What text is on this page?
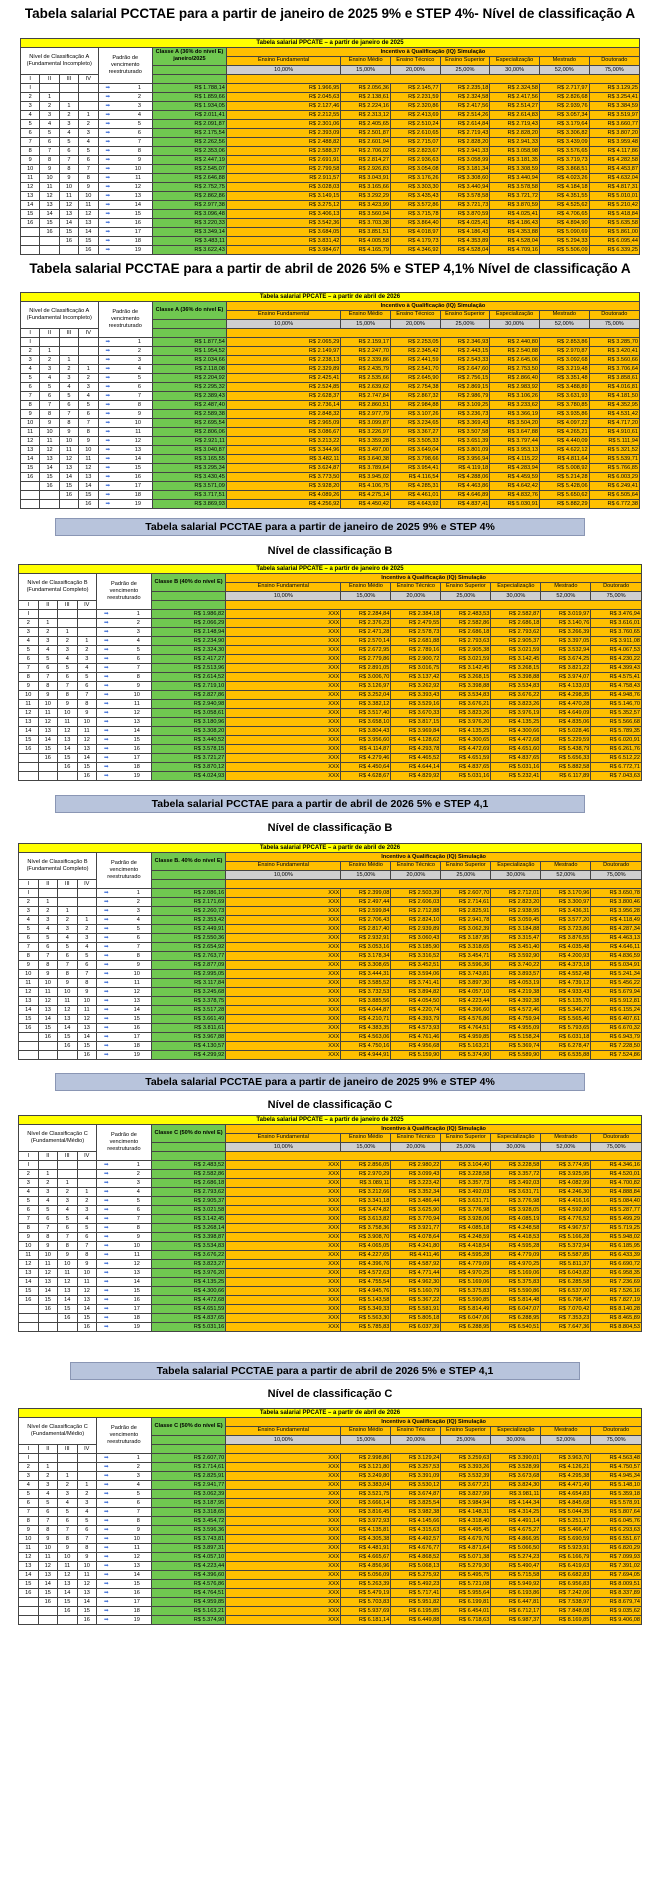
Tabela salarial PCCTAE para a partir de janeiro de 2025 9% e STEP 4%- Nível de classificação A
Tabela salarial PPCATE – a partir de janeiro de 2025												
Nível de Classificação A (Fundamental Incompleto)				Padrão de vencimento reestruturado	Classe A (36% do nível E) janeiro/2025	Incentivo à Qualificação (IQ) Simulação						
						Ensino Fundamental	Ensino Médio	Ensino Técnico	Ensino Superior	Especialização	Mestrado	Doutorado
						10,00%	15,00%	20,00%	25,00%	30,00%	52,00%	75,00%
I	II	III	IV									
I				➡ 1	R$ 1.788,14	R$ 1.966,95	R$ 2.056,36	R$ 2.145,77	R$ 2.235,18	R$ 2.324,58	R$ 2.717,97	R$ 3.129,25
2	1			➡ 2	R$ 1.859,66	R$ 2.045,63	R$ 2.138,61	R$ 2.231,59	R$ 2.324,58	R$ 2.417,56	R$ 2.826,68	R$ 3.254,41
3	2	1		➡ 3	R$ 1.934,05	R$ 2.127,46	R$ 2.224,16	R$ 2.320,86	R$ 2.417,56	R$ 2.514,27	R$ 2.939,76	R$ 3.384,59
4	3	2	1	➡ 4	R$ 2.011,41	R$ 2.212,55	R$ 2.313,12	R$ 2.413,69	R$ 2.514,26	R$ 2.614,83	R$ 3.057,34	R$ 3.519,97
5	4	3	2	➡ 5	R$ 2.091,87	R$ 2.301,06	R$ 2.405,65	R$ 2.510,24	R$ 2.614,84	R$ 2.719,43	R$ 3.179,64	R$ 3.660,77
6	5	4	3	➡ 6	R$ 2.175,54	R$ 2.393,09	R$ 2.501,87	R$ 2.610,65	R$ 2.719,43	R$ 2.828,20	R$ 3.306,82	R$ 3.807,20
7	6	5	4	➡ 7	R$ 2.262,56	R$ 2.488,82	R$ 2.601,94	R$ 2.715,07	R$ 2.828,20	R$ 2.941,33	R$ 3.439,09	R$ 3.959,48
8	7	6	5	➡ 8	R$ 2.353,06	R$ 2.588,37	R$ 2.706,02	R$ 2.823,67	R$ 2.941,33	R$ 3.058,98	R$ 3.576,65	R$ 4.117,86
9	8	7	6	➡ 9	R$ 2.447,19	R$ 2.691,91	R$ 2.814,27	R$ 2.936,63	R$ 3.058,99	R$ 3.181,35	R$ 3.719,73	R$ 4.282,58
10	9	8	7	➡ 10	R$ 2.545,07	R$ 2.799,58	R$ 2.926,83	R$ 3.054,08	R$ 3.181,34	R$ 3.308,59	R$ 3.868,51	R$ 4.453,87
11	10	9	8	➡ 11	R$ 2.646,88	R$ 2.911,57	R$ 3.043,91	R$ 3.176,26	R$ 3.308,60	R$ 3.440,94	R$ 4.023,26	R$ 4.632,04
12	11	10	9	➡ 12	R$ 2.752,75	R$ 3.028,03	R$ 3.165,66	R$ 3.303,30	R$ 3.440,94	R$ 3.578,58	R$ 4.184,18	R$ 4.817,31
13	12	11	10	➡ 13	R$ 2.862,86	R$ 3.149,15	R$ 3.292,29	R$ 3.435,43	R$ 3.578,58	R$ 3.721,72	R$ 4.351,55	R$ 5.010,01
14	13	12	11	➡ 14	R$ 2.977,38	R$ 3.275,12	R$ 3.423,99	R$ 3.572,86	R$ 3.721,73	R$ 3.870,59	R$ 4.525,62	R$ 5.210,42
15	14	13	12	➡ 15	R$ 3.096,48	R$ 3.406,13	R$ 3.560,94	R$ 3.715,78	R$ 3.870,59	R$ 4.025,41	R$ 4.706,65	R$ 5.418,84
16	15	14	13	➡ 16	R$ 3.220,33	R$ 3.542,36	R$ 3.703,38	R$ 3.864,40	R$ 4.025,41	R$ 4.186,43	R$ 4.894,90	R$ 5.635,58
	16	15	14	➡ 17	R$ 3.349,14	R$ 3.684,05	R$ 3.851,51	R$ 4.018,97	R$ 4.186,43	R$ 4.353,88	R$ 5.090,69	R$ 5.861,00
		16	15	➡ 18	R$ 3.483,11	R$ 3.831,42	R$ 4.005,58	R$ 4.179,73	R$ 4.353,89	R$ 4.528,04	R$ 5.294,33	R$ 6.095,44
			16	➡ 19	R$ 3.622,43	R$ 3.984,67	R$ 4.165,79	R$ 4.346,92	R$ 4.528,04	R$ 4.709,16	R$ 5.506,09	R$ 6.339,25
Tabela salarial PCCTAE para a partir de abril de 2026 5% e STEP 4,1% Nível de classificação A
Tabela salarial PPCATE – a partir de abril de 2026												
Nível de Classificação A (Fundamental Incompleto)				Padrão de vencimento reestruturado	Classe A (36% do nível E)	Incentivo à Qualificação (IQ) Simulação						
						Ensino Fundamental	Ensino Médio	Ensino Técnico	Ensino Superior	Especialização	Mestrado	Doutorado
						10,00%	15,00%	20,00%	25,00%	30,00%	52,00%	75,00%
I	II	III	IV									
I				➡ 1	R$ 1.877,54	R$ 2.065,29	R$ 2.159,17	R$ 2.253,05	R$ 2.346,93	R$ 2.440,80	R$ 2.853,86	R$ 3.285,70
2	1			➡ 2	R$ 1.954,52	R$ 2.149,97	R$ 2.247,70	R$ 2.345,42	R$ 2.443,15	R$ 2.540,88	R$ 2.970,87	R$ 3.420,41
3	2	1		➡ 3	R$ 2.034,66	R$ 2.238,13	R$ 2.339,86	R$ 2.441,59	R$ 2.543,33	R$ 2.645,06	R$ 3.092,68	R$ 3.560,66
4	3	2	1	➡ 4	R$ 2.118,08	R$ 2.329,89	R$ 2.435,79	R$ 2.541,70	R$ 2.647,60	R$ 2.753,50	R$ 3.219,48	R$ 3.706,64
5	4	3	2	➡ 5	R$ 2.204,92	R$ 2.425,41	R$ 2.535,66	R$ 2.645,90	R$ 2.756,15	R$ 2.866,40	R$ 3.351,48	R$ 3.858,61
6	5	4	3	➡ 6	R$ 2.295,32	R$ 2.524,85	R$ 2.639,62	R$ 2.754,38	R$ 2.869,15	R$ 2.983,92	R$ 3.488,89	R$ 4.016,81
7	6	5	4	➡ 7	R$ 2.389,43	R$ 2.628,37	R$ 2.747,84	R$ 2.867,32	R$ 2.986,79	R$ 3.106,26	R$ 3.631,93	R$ 4.181,50
8	7	6	5	➡ 8	R$ 2.487,40	R$ 2.736,14	R$ 2.860,51	R$ 2.984,88	R$ 3.109,25	R$ 3.233,62	R$ 3.780,85	R$ 4.352,95
9	8	7	6	➡ 9	R$ 2.589,38	R$ 2.848,32	R$ 2.977,79	R$ 3.107,26	R$ 3.236,73	R$ 3.366,19	R$ 3.935,86	R$ 4.531,42
10	9	8	7	➡ 10	R$ 2.695,54	R$ 2.965,09	R$ 3.099,87	R$ 3.234,65	R$ 3.369,43	R$ 3.504,20	R$ 4.097,22	R$ 4.717,20
11	10	9	8	➡ 11	R$ 2.806,06	R$ 3.086,67	R$ 3.226,97	R$ 3.367,27	R$ 3.507,58	R$ 3.647,88	R$ 4.265,21	R$ 4.910,61
12	11	10	9	➡ 12	R$ 2.921,11	R$ 3.213,22	R$ 3.359,28	R$ 3.505,33	R$ 3.651,39	R$ 3.797,44	R$ 4.440,09	R$ 5.111,94
13	12	11	10	➡ 13	R$ 3.040,87	R$ 3.344,96	R$ 3.497,00	R$ 3.649,04	R$ 3.801,09	R$ 3.953,13	R$ 4.622,12	R$ 5.321,52
14	13	12	11	➡ 14	R$ 3.165,55	R$ 3.482,11	R$ 3.640,38	R$ 3.798,66	R$ 3.956,94	R$ 4.115,22	R$ 4.811,64	R$ 5.539,71
15	14	13	12	➡ 15	R$ 3.295,34	R$ 3.624,87	R$ 3.789,64	R$ 3.954,41	R$ 4.119,18	R$ 4.283,94	R$ 5.008,92	R$ 5.766,85
16	15	14	13	➡ 16	R$ 3.430,45	R$ 3.773,50	R$ 3.945,02	R$ 4.116,54	R$ 4.288,06	R$ 4.459,59	R$ 5.214,28	R$ 6.003,29
	16	15	14	➡ 17	R$ 3.571,09	R$ 3.928,20	R$ 4.106,75	R$ 4.285,31	R$ 4.463,86	R$ 4.642,42	R$ 5.428,06	R$ 6.249,41
		16	15	➡ 18	R$ 3.717,51	R$ 4.089,26	R$ 4.275,14	R$ 4.461,01	R$ 4.646,89	R$ 4.832,76	R$ 5.650,62	R$ 6.505,64
			16	➡ 19	R$ 3.869,93	R$ 4.256,92	R$ 4.450,42	R$ 4.643,92	R$ 4.837,41	R$ 5.030,91	R$ 5.882,29	R$ 6.772,38
Tabela salarial PCCTAE para a partir de janeiro de 2025 9% e STEP 4%
Nível de classificação B
Tabela salarial PPCATE – a partir de janeiro de 2025												
Nível de Classificação B (Fundamental Completo)				Padrão de vencimento reestruturado	Classe B (40% do nível E)	Incentivo à Qualificação (IQ) Simulação						
						Ensino Fundamental	Ensino Médio	Ensino Técnico	Ensino Superior	Especialização	Mestrado	Doutorado
						10,00%	15,00%	20,00%	25,00%	30,00%	52,00%	75,00%
I	II	III	IV									
I				➡ 1	R$ 1.986,82	XXX	R$ 2.284,84	R$ 2.384,18	R$ 2.483,53	R$ 2.582,87	R$ 3.019,97	R$ 3.476,94
2	1			➡ 2	R$ 2.066,29	XXX	R$ 2.376,23	R$ 2.479,55	R$ 2.582,86	R$ 2.686,18	R$ 3.140,76	R$ 3.616,01
3	2	1		➡ 3	R$ 2.148,94	XXX	R$ 2.471,28	R$ 2.578,73	R$ 2.686,18	R$ 2.793,62	R$ 3.266,39	R$ 3.760,65
4	3	2	1	➡ 4	R$ 2.234,90	XXX	R$ 2.570,14	R$ 2.681,88	R$ 2.793,63	R$ 2.905,37	R$ 3.397,05	R$ 3.911,08
5	4	3	2	➡ 5	R$ 2.324,30	XXX	R$ 2.672,95	R$ 2.789,16	R$ 2.905,38	R$ 3.021,59	R$ 3.532,94	R$ 4.067,53
6	5	4	3	➡ 6	R$ 2.417,27	XXX	R$ 2.779,86	R$ 2.900,72	R$ 3.021,59	R$ 3.142,45	R$ 3.674,25	R$ 4.230,22
7	6	5	4	➡ 7	R$ 2.513,96	XXX	R$ 2.891,05	R$ 3.016,75	R$ 3.142,45	R$ 3.268,15	R$ 3.821,22	R$ 4.399,43
8	7	6	5	➡ 8	R$ 2.614,52	XXX	R$ 3.006,70	R$ 3.137,42	R$ 3.268,15	R$ 3.398,88	R$ 3.974,07	R$ 4.575,41
9	8	7	6	➡ 9	R$ 2.719,10	XXX	R$ 3.126,97	R$ 3.262,92	R$ 3.398,88	R$ 3.534,83	R$ 4.133,03	R$ 4.758,43
10	9	8	7	➡ 10	R$ 2.827,86	XXX	R$ 3.252,04	R$ 3.393,43	R$ 3.534,83	R$ 3.676,22	R$ 4.298,35	R$ 4.948,76
11	10	9	8	➡ 11	R$ 2.940,98	XXX	R$ 3.382,12	R$ 3.529,16	R$ 3.676,21	R$ 3.823,26	R$ 4.470,28	R$ 5.146,70
12	11	10	9	➡ 12	R$ 3.058,61	XXX	R$ 3.517,40	R$ 3.670,33	R$ 3.823,26	R$ 3.976,19	R$ 4.649,09	R$ 5.352,57
13	12	11	10	➡ 13	R$ 3.180,96	XXX	R$ 3.658,10	R$ 3.817,15	R$ 3.976,20	R$ 4.135,25	R$ 4.835,06	R$ 5.566,68
14	13	12	11	➡ 14	R$ 3.308,20	XXX	R$ 3.804,43	R$ 3.969,84	R$ 4.135,25	R$ 4.300,66	R$ 5.028,46	R$ 5.789,35
15	14	13	12	➡ 15	R$ 3.440,52	XXX	R$ 3.956,60	R$ 4.128,62	R$ 4.300,65	R$ 4.472,68	R$ 5.229,59	R$ 6.020,91
16	15	14	13	➡ 16	R$ 3.578,15	XXX	R$ 4.114,87	R$ 4.293,78	R$ 4.472,69	R$ 4.651,60	R$ 5.438,79	R$ 6.261,76
	16	15	14	➡ 17	R$ 3.721,27	XXX	R$ 4.279,46	R$ 4.465,52	R$ 4.651,59	R$ 4.837,65	R$ 5.656,33	R$ 6.512,22
		16	15	➡ 18	R$ 3.870,12	XXX	R$ 4.450,64	R$ 4.644,14	R$ 4.837,65	R$ 5.031,16	R$ 5.882,58	R$ 6.772,71
			16	➡ 19	R$ 4.024,93	XXX	R$ 4.628,67	R$ 4.829,92	R$ 5.031,16	R$ 5.232,41	R$ 6.117,89	R$ 7.043,63
Tabela salarial PCCTAE para a partir de abril de 2026 5% e STEP 4,1
Nível de classificação B
Tabela salarial PPCATE – a partir de abril de 2026												
Nível de Classificação B (Fundamental Completo)				Padrão de vencimento reestruturado	Classe B. 40% do nível E)	Incentivo à Qualificação (IQ) Simulação						
						Ensino Fundamental	Ensino Médio	Ensino Técnico	Ensino Superior	Especialização	Mestrado	Doutorado
						10,00%	15,00%	20,00%	25,00%	30,00%	52,00%	75,00%
I	II	III	IV									
I				➡ 1	R$ 2.086,16	XXX	R$ 2.399,08	R$ 2.503,39	R$ 2.607,70	R$ 2.712,01	R$ 3.170,96	R$ 3.650,78
2	1			➡ 2	R$ 2.171,69	XXX	R$ 2.497,44	R$ 2.606,03	R$ 2.714,61	R$ 2.823,20	R$ 3.300,97	R$ 3.800,46
3	2	1		➡ 3	R$ 2.260,73	XXX	R$ 2.599,84	R$ 2.712,88	R$ 2.825,91	R$ 2.938,95	R$ 3.436,31	R$ 3.956,28
4	3	2	1	➡ 4	R$ 2.353,42	XXX	R$ 2.706,43	R$ 2.824,10	R$ 2.941,78	R$ 3.059,45	R$ 3.577,20	R$ 4.118,49
5	4	3	2	➡ 5	R$ 2.449,91	XXX	R$ 2.817,40	R$ 2.939,89	R$ 3.062,39	R$ 3.184,88	R$ 3.723,86	R$ 4.287,34
6	5	4	3	➡ 6	R$ 2.550,36	XXX	R$ 2.932,91	R$ 3.060,43	R$ 3.187,95	R$ 3.315,47	R$ 3.876,55	R$ 4.463,13
7	6	5	4	➡ 7	R$ 2.654,92	XXX	R$ 3.053,16	R$ 3.185,90	R$ 3.318,65	R$ 3.451,40	R$ 4.035,48	R$ 4.646,11
8	7	6	5	➡ 8	R$ 2.763,77	XXX	R$ 3.178,34	R$ 3.316,52	R$ 3.454,71	R$ 3.592,90	R$ 4.200,93	R$ 4.836,59
9	8	7	6	➡ 9	R$ 2.877,09	XXX	R$ 3.308,65	R$ 3.452,51	R$ 3.596,36	R$ 3.740,22	R$ 4.373,18	R$ 5.034,91
10	9	8	7	➡ 10	R$ 2.995,05	XXX	R$ 3.444,31	R$ 3.594,06	R$ 3.743,81	R$ 3.893,57	R$ 4.552,48	R$ 5.241,34
11	10	9	8	➡ 11	R$ 3.117,84	XXX	R$ 3.585,52	R$ 3.741,41	R$ 3.897,30	R$ 4.053,19	R$ 4.739,12	R$ 5.456,22
12	11	10	9	➡ 12	R$ 3.245,68	XXX	R$ 3.732,53	R$ 3.894,82	R$ 4.057,10	R$ 4.219,38	R$ 4.933,43	R$ 5.679,94
13	12	11	10	➡ 13	R$ 3.378,75	XXX	R$ 3.885,56	R$ 4.054,50	R$ 4.223,44	R$ 4.392,38	R$ 5.135,70	R$ 5.912,81
14	13	12	11	➡ 14	R$ 3.517,28	XXX	R$ 4.044,87	R$ 4.220,74	R$ 4.396,60	R$ 4.572,46	R$ 5.346,27	R$ 6.155,24
15	14	13	12	➡ 15	R$ 3.661,49	XXX	R$ 4.210,71	R$ 4.393,79	R$ 4.576,86	R$ 4.759,94	R$ 5.565,46	R$ 6.407,61
16	15	14	13	➡ 16	R$ 3.811,61	XXX	R$ 4.383,35	R$ 4.573,93	R$ 4.764,51	R$ 4.955,09	R$ 5.793,65	R$ 6.670,32
	16	15	14	➡ 17	R$ 3.967,88	XXX	R$ 4.563,06	R$ 4.761,46	R$ 4.959,85	R$ 5.158,24	R$ 6.031,18	R$ 6.943,79
		16	15	➡ 18	R$ 4.130,57	XXX	R$ 4.750,16	R$ 4.956,68	R$ 5.163,21	R$ 5.369,74	R$ 6.278,47	R$ 7.228,50
			16	➡ 19	R$ 4.299,92	XXX	R$ 4.944,91	R$ 5.159,90	R$ 5.374,90	R$ 5.589,90	R$ 6.535,88	R$ 7.524,86
Tabela salarial PCCTAE para a partir de janeiro de 2025 9% e STEP 4%
Nível de classificação C
Tabela salarial PPCATE – a partir de janeiro de 2025												
Nível de Classificação C (Fundamental/Médio)				Padrão de vencimento reestruturado	Classe C (50% do nível E)	Incentivo à Qualificação (IQ) Simulação						
						Ensino Fundamental	Ensino Médio	Ensino Técnico	Ensino Superior	Especialização	Mestrado	Doutorado
						10,00%	15,00%	20,00%	25,00%	30,00%	52,00%	75,00%
I	II	III	IV									
I				➡ 1	R$ 2.483,52	XXX	R$ 2.856,05	R$ 2.980,22	R$ 3.104,40	R$ 3.228,58	R$ 3.774,95	R$ 4.346,16
2	1			➡ 2	R$ 2.582,86	XXX	R$ 2.970,29	R$ 3.099,43	R$ 3.228,58	R$ 3.357,72	R$ 3.925,95	R$ 4.520,01
3	2	1		➡ 3	R$ 2.686,18	XXX	R$ 3.089,11	R$ 3.223,42	R$ 3.357,73	R$ 3.492,03	R$ 4.082,99	R$ 4.700,82
4	3	2	1	➡ 4	R$ 2.793,62	XXX	R$ 3.212,66	R$ 3.352,34	R$ 3.492,03	R$ 3.631,71	R$ 4.246,30	R$ 4.888,84
5	4	3	2	➡ 5	R$ 2.905,37	XXX	R$ 3.341,18	R$ 3.486,44	R$ 3.631,71	R$ 3.776,98	R$ 4.416,16	R$ 5.084,40
6	5	4	3	➡ 6	R$ 3.021,58	XXX	R$ 3.474,82	R$ 3.625,90	R$ 3.776,98	R$ 3.928,05	R$ 4.592,80	R$ 5.287,77
7	6	5	4	➡ 7	R$ 3.142,45	XXX	R$ 3.613,82	R$ 3.770,94	R$ 3.928,06	R$ 4.085,19	R$ 4.776,52	R$ 5.499,29
8	7	6	5	➡ 8	R$ 3.268,14	XXX	R$ 3.758,36	R$ 3.921,77	R$ 4.085,18	R$ 4.248,58	R$ 4.967,57	R$ 5.719,25
9	8	7	6	➡ 9	R$ 3.398,87	XXX	R$ 3.908,70	R$ 4.078,64	R$ 4.248,59	R$ 4.418,53	R$ 5.166,28	R$ 5.948,02
10	9	8	7	➡ 10	R$ 3.534,83	XXX	R$ 4.065,05	R$ 4.241,80	R$ 4.418,54	R$ 4.595,28	R$ 5.372,94	R$ 6.185,95
11	10	9	8	➡ 11	R$ 3.676,22	XXX	R$ 4.227,65	R$ 4.411,46	R$ 4.595,28	R$ 4.779,09	R$ 5.587,85	R$ 6.433,39
12	11	10	9	➡ 12	R$ 3.823,27	XXX	R$ 4.396,76	R$ 4.587,92	R$ 4.779,09	R$ 4.970,25	R$ 5.811,37	R$ 6.690,72
13	12	11	10	➡ 13	R$ 3.976,20	XXX	R$ 4.572,63	R$ 4.771,44	R$ 4.970,25	R$ 5.169,06	R$ 6.043,82	R$ 6.958,35
14	13	12	11	➡ 14	R$ 4.135,25	XXX	R$ 4.755,54	R$ 4.962,30	R$ 5.169,06	R$ 5.375,83	R$ 6.285,58	R$ 7.236,69
15	14	13	12	➡ 15	R$ 4.300,66	XXX	R$ 4.945,76	R$ 5.160,79	R$ 5.375,83	R$ 5.590,86	R$ 6.537,00	R$ 7.526,16
16	15	14	13	➡ 16	R$ 4.472,68	XXX	R$ 5.143,58	R$ 5.367,22	R$ 5.590,85	R$ 5.814,48	R$ 6.798,47	R$ 7.827,19
	16	15	14	➡ 17	R$ 4.651,59	XXX	R$ 5.349,33	R$ 5.581,91	R$ 5.814,49	R$ 6.047,07	R$ 7.070,42	R$ 8.140,28
		16	15	➡ 18	R$ 4.837,65	XXX	R$ 5.563,30	R$ 5.805,18	R$ 6.047,06	R$ 6.288,95	R$ 7.353,23	R$ 8.465,89
			16	➡ 19	R$ 5.031,16	XXX	R$ 5.785,83	R$ 6.037,39	R$ 6.288,95	R$ 6.540,51	R$ 7.647,36	R$ 8.804,53
Tabela salarial PCCTAE para a partir de abril de 2026 5% e STEP 4,1
Nível de classificação C
Tabela salarial PPCATE – a partir de abril de 2026												
Nível de Classificação C (Fundamental/Médio)				Padrão de vencimento reestruturado	Classe C (50% do nível E)	Incentivo à Qualificação (IQ) Simulação						
						Ensino Fundamental	Ensino Médio	Ensino Técnico	Ensino Superior	Especialização	Mestrado	Doutorado
						10,00%	15,00%	20,00%	25,00%	30,00%	52,00%	75,00%
I	II	III	IV									
I				➡ 1	R$ 2.607,70	XXX	R$ 2.998,86	R$ 3.129,24	R$ 3.259,63	R$ 3.390,01	R$ 3.963,70	R$ 4.563,48
2	1			➡ 2	R$ 2.714,61	XXX	R$ 3.121,80	R$ 3.257,53	R$ 3.393,26	R$ 3.528,99	R$ 4.126,21	R$ 4.750,57
3	2	1		➡ 3	R$ 2.825,91	XXX	R$ 3.249,80	R$ 3.391,09	R$ 3.532,39	R$ 3.673,68	R$ 4.295,38	R$ 4.945,34
4	3	2	1	➡ 4	R$ 2.941,77	XXX	R$ 3.383,04	R$ 3.530,12	R$ 3.677,21	R$ 3.824,30	R$ 4.471,49	R$ 5.148,10
5	4	3	2	➡ 5	R$ 3.062,39	XXX	R$ 3.521,75	R$ 3.674,87	R$ 3.827,99	R$ 3.981,11	R$ 4.654,83	R$ 5.359,18
6	5	4	3	➡ 6	R$ 3.187,95	XXX	R$ 3.666,14	R$ 3.825,54	R$ 3.984,94	R$ 4.144,34	R$ 4.845,68	R$ 5.578,91
7	6	5	4	➡ 7	R$ 3.318,65	XXX	R$ 3.816,45	R$ 3.982,38	R$ 4.148,31	R$ 4.314,25	R$ 5.044,35	R$ 5.807,64
8	7	6	5	➡ 8	R$ 3.454,72	XXX	R$ 3.972,93	R$ 4.145,66	R$ 4.318,40	R$ 4.491,14	R$ 5.251,17	R$ 6.045,76
9	8	7	6	➡ 9	R$ 3.596,36	XXX	R$ 4.135,81	R$ 4.315,63	R$ 4.495,45	R$ 4.675,27	R$ 5.466,47	R$ 6.293,63
10	9	8	7	➡ 10	R$ 3.743,81	XXX	R$ 4.305,38	R$ 4.492,57	R$ 4.679,76	R$ 4.866,95	R$ 5.690,59	R$ 6.551,67
11	10	9	8	➡ 11	R$ 3.897,31	XXX	R$ 4.481,91	R$ 4.676,77	R$ 4.871,64	R$ 5.066,50	R$ 5.923,91	R$ 6.820,29
12	11	10	9	➡ 12	R$ 4.057,10	XXX	R$ 4.665,67	R$ 4.868,52	R$ 5.071,38	R$ 5.274,23	R$ 6.166,79	R$ 7.099,93
13	12	11	10	➡ 13	R$ 4.223,44	XXX	R$ 4.856,96	R$ 5.068,13	R$ 5.279,30	R$ 5.490,47	R$ 6.419,63	R$ 7.391,02
14	13	12	11	➡ 14	R$ 4.396,60	XXX	R$ 5.056,09	R$ 5.275,92	R$ 5.495,75	R$ 5.715,58	R$ 6.682,83	R$ 7.694,05
15	14	13	12	➡ 15	R$ 4.576,86	XXX	R$ 5.263,39	R$ 5.492,23	R$ 5.721,08	R$ 5.949,92	R$ 6.956,83	R$ 8.009,51
16	15	14	13	➡ 16	R$ 4.764,51	XXX	R$ 5.479,19	R$ 5.717,41	R$ 5.955,64	R$ 6.193,86	R$ 7.242,06	R$ 8.337,89
	16	15	14	➡ 17	R$ 4.959,85	XXX	R$ 5.703,83	R$ 5.951,82	R$ 6.199,81	R$ 6.447,81	R$ 7.538,97	R$ 8.679,74
		16	15	➡ 18	R$ 5.163,21	XXX	R$ 5.937,69	R$ 6.195,85	R$ 6.454,01	R$ 6.712,17	R$ 7.848,08	R$ 9.035,62
			16	➡ 19	R$ 5.374,90	XXX	R$ 6.181,14	R$ 6.449,88	R$ 6.718,63	R$ 6.987,37	R$ 8.169,85	R$ 9.406,08
